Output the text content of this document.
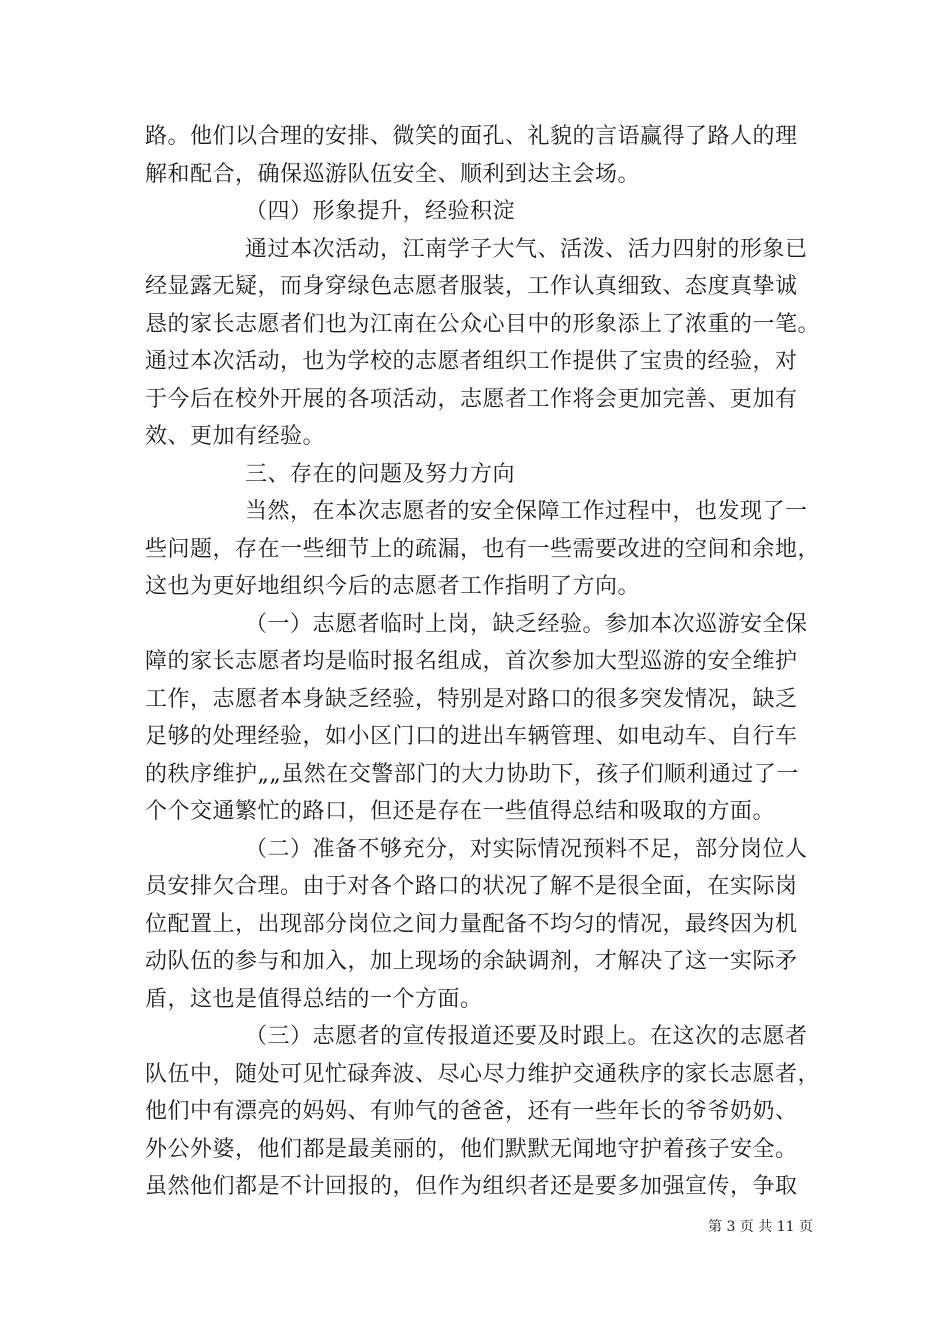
路。他们以合理的安排、微笑的面孔、礼貌的言语赢得了路人的理
解和配合，确保巡游队伍安全、顺利到达主会场。
（四）形象提升，经验积淀
通过本次活动，江南学子大气、活泼、活力四射的形象已
经显露无疑，而身穿绿色志愿者服装，工作认真细致、态度真挚诚
恳的家长志愿者们也为江南在公众心目中的形象添上了浓重的一笔。
通过本次活动，也为学校的志愿者组织工作提供了宝贵的经验，对
于今后在校外开展的各项活动，志愿者工作将会更加完善、更加有
效、更加有经验。
三、存在的问题及努力方向
当然，在本次志愿者的安全保障工作过程中，也发现了一
些问题，存在一些细节上的疏漏，也有一些需要改进的空间和余地，
这也为更好地组织今后的志愿者工作指明了方向。
（一）志愿者临时上岗，缺乏经验。参加本次巡游安全保
障的家长志愿者均是临时报名组成，首次参加大型巡游的安全维护
工作，志愿者本身缺乏经验，特别是对路口的很多突发情况，缺乏
足够的处理经验，如小区门口的进出车辆管理、如电动车、自行车
的秩序维护„„虽然在交警部门的大力协助下，孩子们顺利通过了一
个个交通繁忙的路口，但还是存在一些值得总结和吸取的方面。
（二）准备不够充分，对实际情况预料不足，部分岗位人
员安排欠合理。由于对各个路口的状况了解不是很全面，在实际岗
位配置上，出现部分岗位之间力量配备不均匀的情况，最终因为机
动队伍的参与和加入，加上现场的余缺调剂，才解决了这一实际矛
盾，这也是值得总结的一个方面。
（三）志愿者的宣传报道还要及时跟上。在这次的志愿者
队伍中，随处可见忙碌奔波、尽心尽力维护交通秩序的家长志愿者，
他们中有漂亮的妈妈、有帅气的爸爸，还有一些年长的爷爷奶奶、
外公外婆，他们都是最美丽的，他们默默无闻地守护着孩子安全。
第 3 页 共 11 页
虽然他们都是不计回报的，但作为组织者还是要多加强宣传，争取
